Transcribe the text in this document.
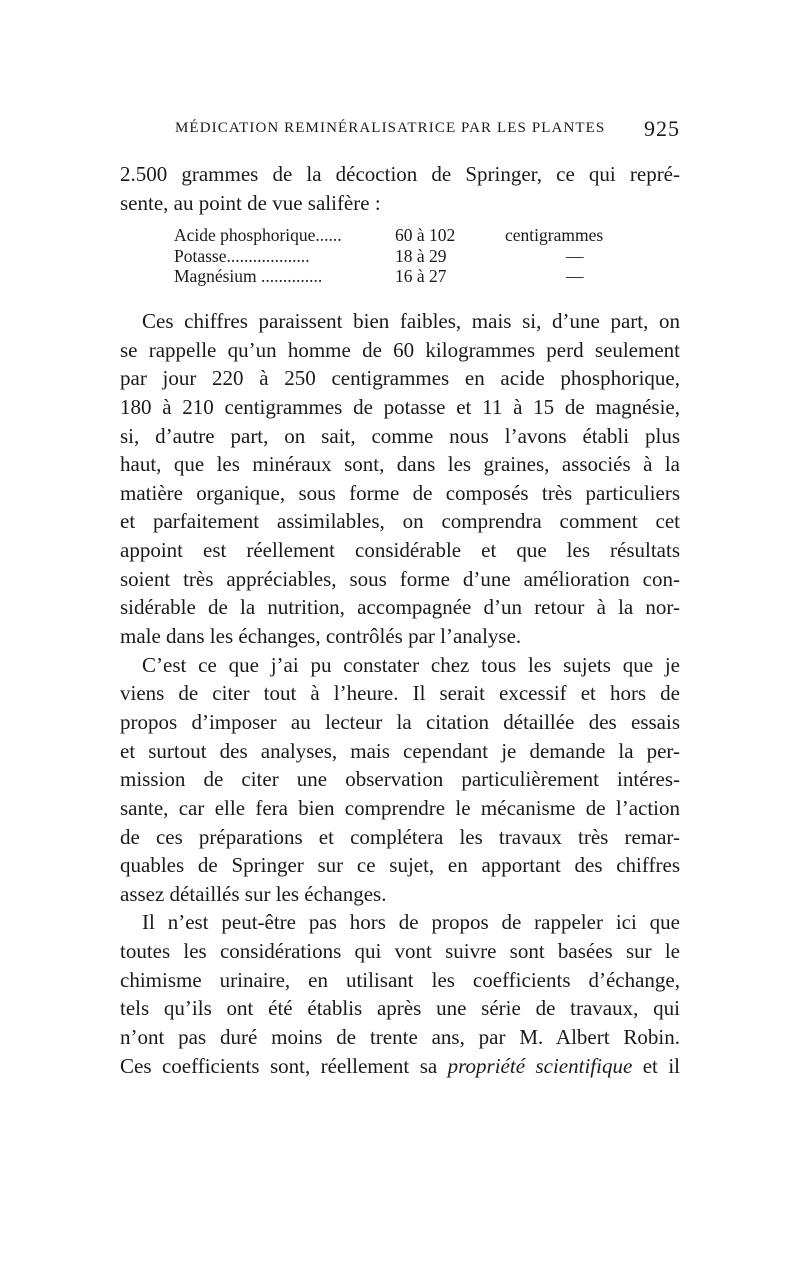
MÉDICATION REMINÉRALISATRICE PAR LES PLANTES 925
2.500 grammes de la décoction de Springer, ce qui repré-
sente, au point de vue salifère :
Acide phosphorique......	60 à 102	centigrammes
Potasse...................	18 à 29	—
Magnésium ..............	16 à 27	—

Ces chiffres paraissent bien faibles, mais si, d’une part, on
se rappelle qu’un homme de 60 kilogrammes perd seulement
par jour 220 à 250 centigrammes en acide phosphorique,
180 à 210 centigrammes de potasse et 11 à 15 de magnésie,
si, d’autre part, on sait, comme nous l’avons établi plus
haut, que les minéraux sont, dans les graines, associés à la
matière organique, sous forme de composés très particuliers
et parfaitement assimilables, on comprendra comment cet
appoint est réellement considérable et que les résultats
soient très appréciables, sous forme d’une amélioration con-
sidérable de la nutrition, accompagnée d’un retour à la nor-
male dans les échanges, contrôlés par l’analyse.

C’est ce que j’ai pu constater chez tous les sujets que je
viens de citer tout à l’heure. Il serait excessif et hors de
propos d’imposer au lecteur la citation détaillée des essais
et surtout des analyses, mais cependant je demande la per-
mission de citer une observation particulièrement intéres-
sante, car elle fera bien comprendre le mécanisme de l’action
de ces préparations et complétera les travaux très remar-
quables de Springer sur ce sujet, en apportant des chiffres
assez détaillés sur les échanges.

Il n’est peut-être pas hors de propos de rappeler ici que
toutes les considérations qui vont suivre sont basées sur le
chimisme urinaire, en utilisant les coefficients d’échange,
tels qu’ils ont été établis après une série de travaux, qui
n’ont pas duré moins de trente ans, par M. Albert Robin.
Ces coefficients sont, réellement sa propriété scientifique et il
